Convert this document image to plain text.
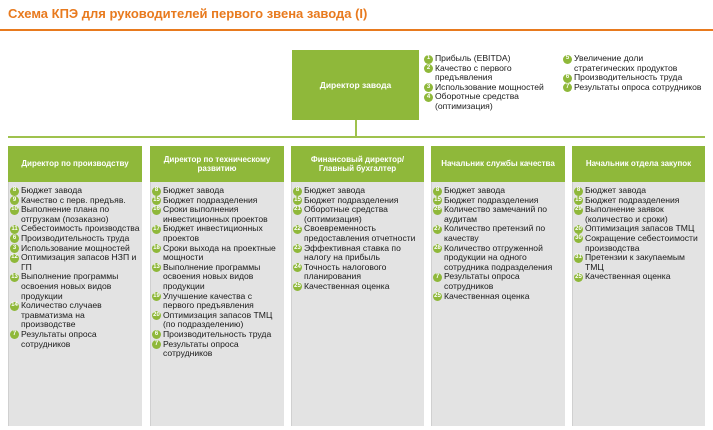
Схема КПЭ для руководителей первого звена завода (I)
Директор завода
1 Прибыль (EBITDA)
2 Качество с первого предъявления
3 Использование мощностей
4 Оборотные средства (оптимизация)
5 Увеличение доли стратегических продуктов
6 Производительность труда
7 Результаты опроса сотрудников
Директор по производству
8 Бюджет завода
9 Качество с перв. предъяв.
10 Выполнение плана по отгрузкам (позаказно)
11 Себестоимость производства
6 Производительность труда
3 Использование мощностей
12 Оптимизация запасов НЗП и ГП
13 Выполнение программы освоения новых видов продукции
14 Количество случаев травматизма на производстве
7 Результаты опроса сотрудников
Директор по техническому развитию
8 Бюджет завода
15 Бюджет подразделения
16 Сроки выполнения инвестиционных проектов
17 Бюджет инвестиционных проектов
18 Сроки выхода на проектные мощности
13 Выполнение программы освоения новых видов продукции
19 Улучшение качества с первого предъявления
20 Оптимизация запасов ТМЦ (по подразделению)
6 Производительность труда
7 Результаты опроса сотрудников
Финансовый директор/ Главный бухгалтер
8 Бюджет завода
15 Бюджет подразделения
21 Оборотные средства (оптимизация)
22 Своевременность предоставления отчетности
23 Эффективная ставка по налогу на прибыль
24 Точность налогового планирования
25 Качественная оценка
Начальник службы качества
8 Бюджет завода
15 Бюджет подразделения
26 Количество замечаний по аудитам
27 Количество претензий по качеству
28 Количество отгруженной продукции на одного сотрудника подразделения
7 Результаты опроса сотрудников
25 Качественная оценка
Начальник отдела закупок
8 Бюджет завода
15 Бюджет подразделения
29 Выполнение заявок (количество и сроки)
20 Оптимизация запасов ТМЦ
30 Сокращение себестоимости производства
31 Претензии к закупаемым ТМЦ
25 Качественная оценка
